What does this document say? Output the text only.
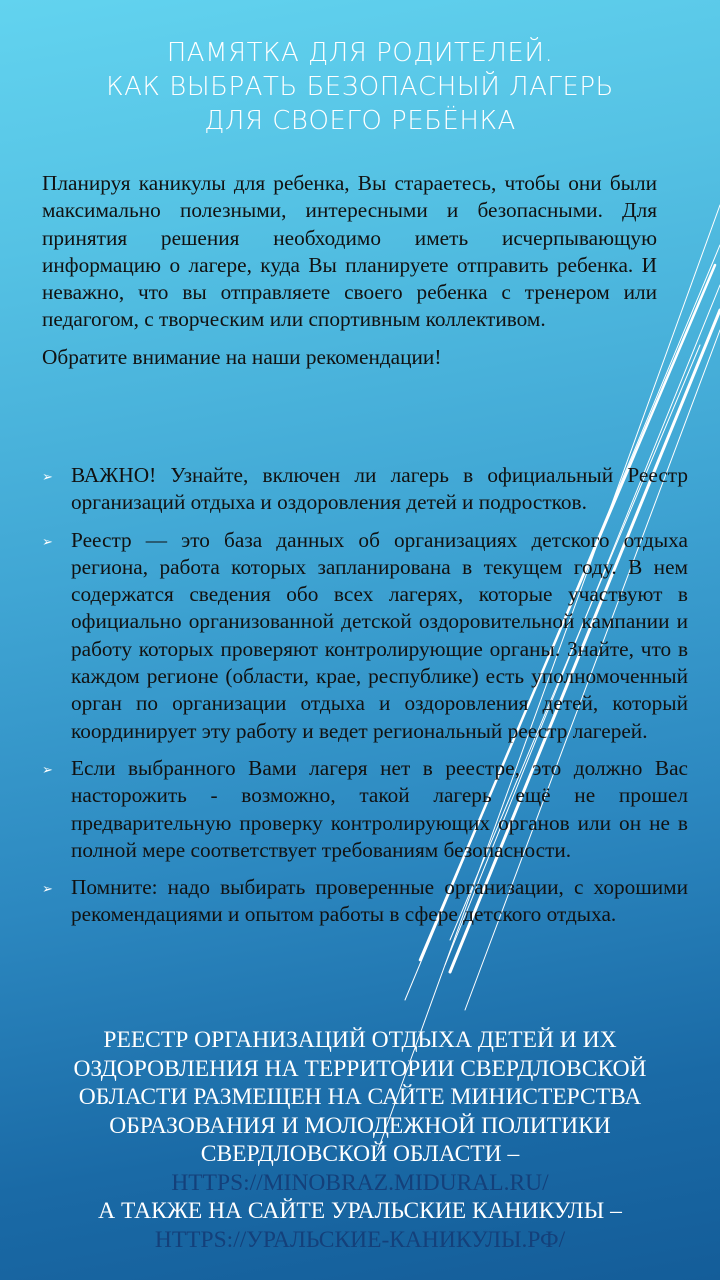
ПАМЯТКА ДЛЯ РОДИТЕЛЕЙ.
КАК ВЫБРАТЬ БЕЗОПАСНЫЙ ЛАГЕРЬ
ДЛЯ СВОЕГО РЕБЁНКА

Планируя каникулы для ребенка, Вы стараетесь, чтобы они были максимально полезными, интересными и безопасными. Для принятия решения необходимо иметь исчерпывающую информацию о лагере, куда Вы планируете отправить ребенка. И неважно, что вы отправляете своего ребенка с тренером или педагогом, с творческим или спортивным коллективом.

Обратите внимание на наши рекомендации!

➢ ВАЖНО! Узнайте, включен ли лагерь в официальный Реестр организаций отдыха и оздоровления детей и подростков.
➢ Реестр — это база данных об организациях детского отдыха региона, работа которых запланирована в текущем году. В нем содержатся сведения обо всех лагерях, которые участвуют в официально организованной детской оздоровительной кампании и работу которых проверяют контролирующие органы. Знайте, что в каждом регионе (области, крае, республике) есть уполномоченный орган по организации отдыха и оздоровления детей, который координирует эту работу и ведет региональный реестр лагерей.
➢ Если выбранного Вами лагеря нет в реестре, это должно Вас насторожить - возможно, такой лагерь ещё не прошел предварительную проверку контролирующих органов или он не в полной мере соответствует требованиям безопасности.
➢ Помните: надо выбирать проверенные организации, с хорошими рекомендациями и опытом работы в сфере детского отдыха.
РЕЕСТР ОРГАНИЗАЦИЙ ОТДЫХА ДЕТЕЙ И ИХ
ОЗДОРОВЛЕНИЯ НА ТЕРРИТОРИИ СВЕРДЛОВСКОЙ
ОБЛАСТИ РАЗМЕЩЕН НА САЙТЕ МИНИСТЕРСТВА
ОБРАЗОВАНИЯ И МОЛОДЕЖНОЙ ПОЛИТИКИ
СВЕРДЛОВСКОЙ ОБЛАСТИ –
HTTPS://MINOBRAZ.MIDURAL.RU/
А ТАКЖЕ НА САЙТЕ УРАЛЬСКИЕ КАНИКУЛЫ –
HTTPS://УРАЛЬСКИЕ-КАНИКУЛЫ.РФ/
